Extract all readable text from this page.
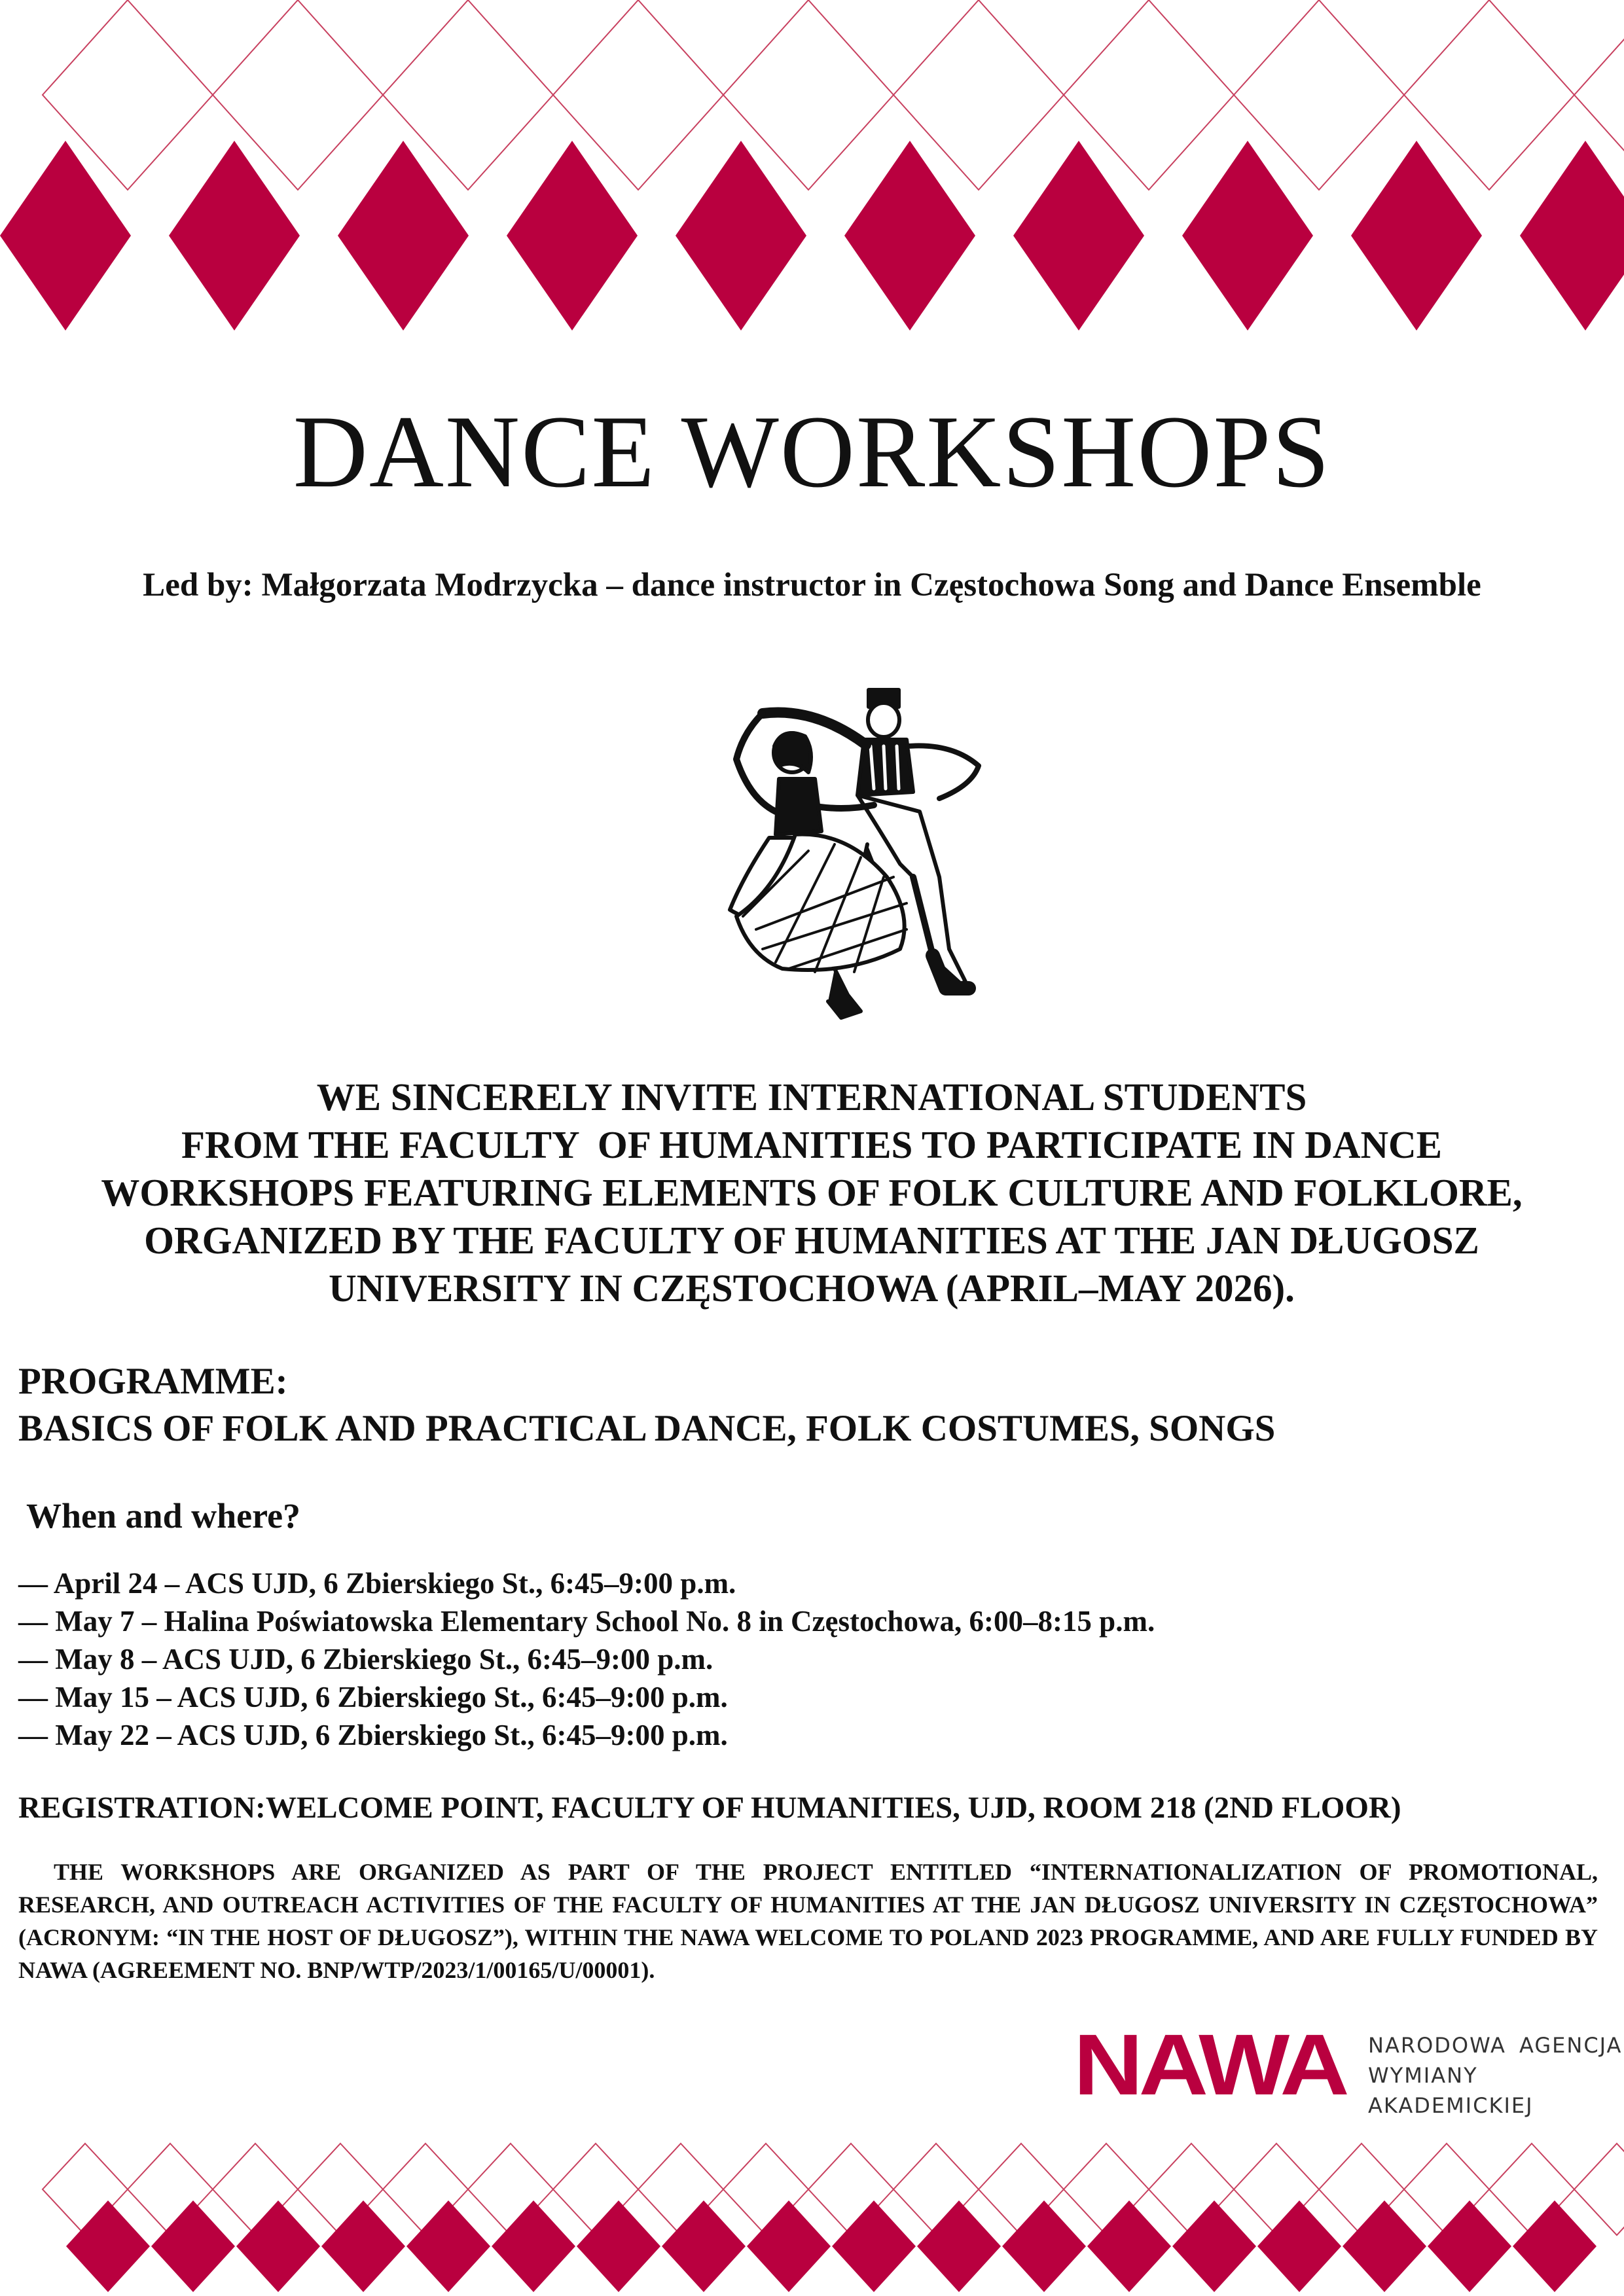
DANCE WORKSHOPS
Led by: Małgorzata Modrzycka – dance instructor in Częstochowa Song and Dance Ensemble
WE SINCERELY INVITE INTERNATIONAL STUDENTS
FROM THE FACULTY  OF HUMANITIES TO PARTICIPATE IN DANCE
WORKSHOPS FEATURING ELEMENTS OF FOLK CULTURE AND FOLKLORE,
ORGANIZED BY THE FACULTY OF HUMANITIES AT THE JAN DŁUGOSZ
UNIVERSITY IN CZĘSTOCHOWA (APRIL–MAY 2026).
PROGRAMME:
BASICS OF FOLK AND PRACTICAL DANCE, FOLK COSTUMES, SONGS
When and where?
— April 24 – ACS UJD, 6 Zbierskiego St., 6:45–9:00 p.m.
— May 7 – Halina Poświatowska Elementary School No. 8 in Częstochowa, 6:00–8:15 p.m.
— May 8 – ACS UJD, 6 Zbierskiego St., 6:45–9:00 p.m.
— May 15 – ACS UJD, 6 Zbierskiego St., 6:45–9:00 p.m.
— May 22 – ACS UJD, 6 Zbierskiego St., 6:45–9:00 p.m.
REGISTRATION:WELCOME POINT, FACULTY OF HUMANITIES, UJD, ROOM 218 (2ND FLOOR)
THE WORKSHOPS ARE ORGANIZED AS PART OF THE PROJECT ENTITLED “INTERNATIONALIZATION OF PROMOTIONAL, RESEARCH, AND OUTREACH ACTIVITIES OF THE FACULTY OF HUMANITIES AT THE JAN DŁUGOSZ UNIVERSITY IN CZĘSTOCHOWA” (ACRONYM: “IN THE HOST OF DŁUGOSZ”), WITHIN THE NAWA WELCOME TO POLAND 2023 PROGRAMME, AND ARE FULLY FUNDED BY NAWA (AGREEMENT NO. BNP/WTP/2023/1/00165/U/00001).
NAWA NARODOWA AGENCJA
WYMIANY AKADEMICKIEJ
